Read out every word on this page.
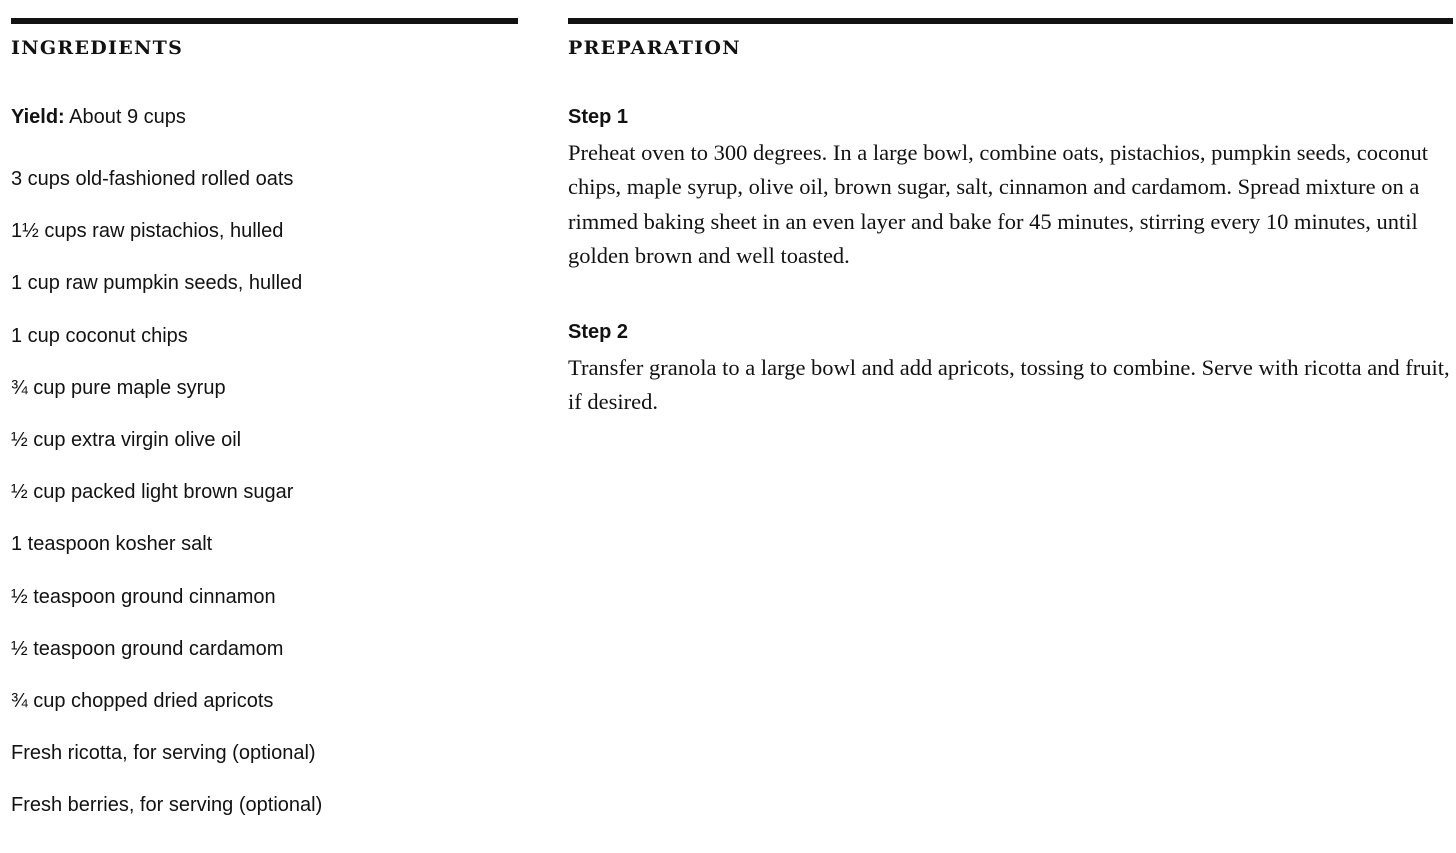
INGREDIENTS
Yield: About 9 cups
3 cups old-fashioned rolled oats
1½ cups raw pistachios, hulled
1 cup raw pumpkin seeds, hulled
1 cup coconut chips
¾ cup pure maple syrup
½ cup extra virgin olive oil
½ cup packed light brown sugar
1 teaspoon kosher salt
½ teaspoon ground cinnamon
½ teaspoon ground cardamom
¾ cup chopped dried apricots
Fresh ricotta, for serving (optional)
Fresh berries, for serving (optional)
PREPARATION

Step 1

Preheat oven to 300 degrees. In a large bowl, combine oats, pistachios, pumpkin seeds, coconut chips, maple syrup, olive oil, brown sugar, salt, cinnamon and cardamom. Spread mixture on a rimmed baking sheet in an even layer and bake for 45 minutes, stirring every 10 minutes, until golden brown and well toasted.

Step 2

Transfer granola to a large bowl and add apricots, tossing to combine. Serve with ricotta and fruit, if desired.
